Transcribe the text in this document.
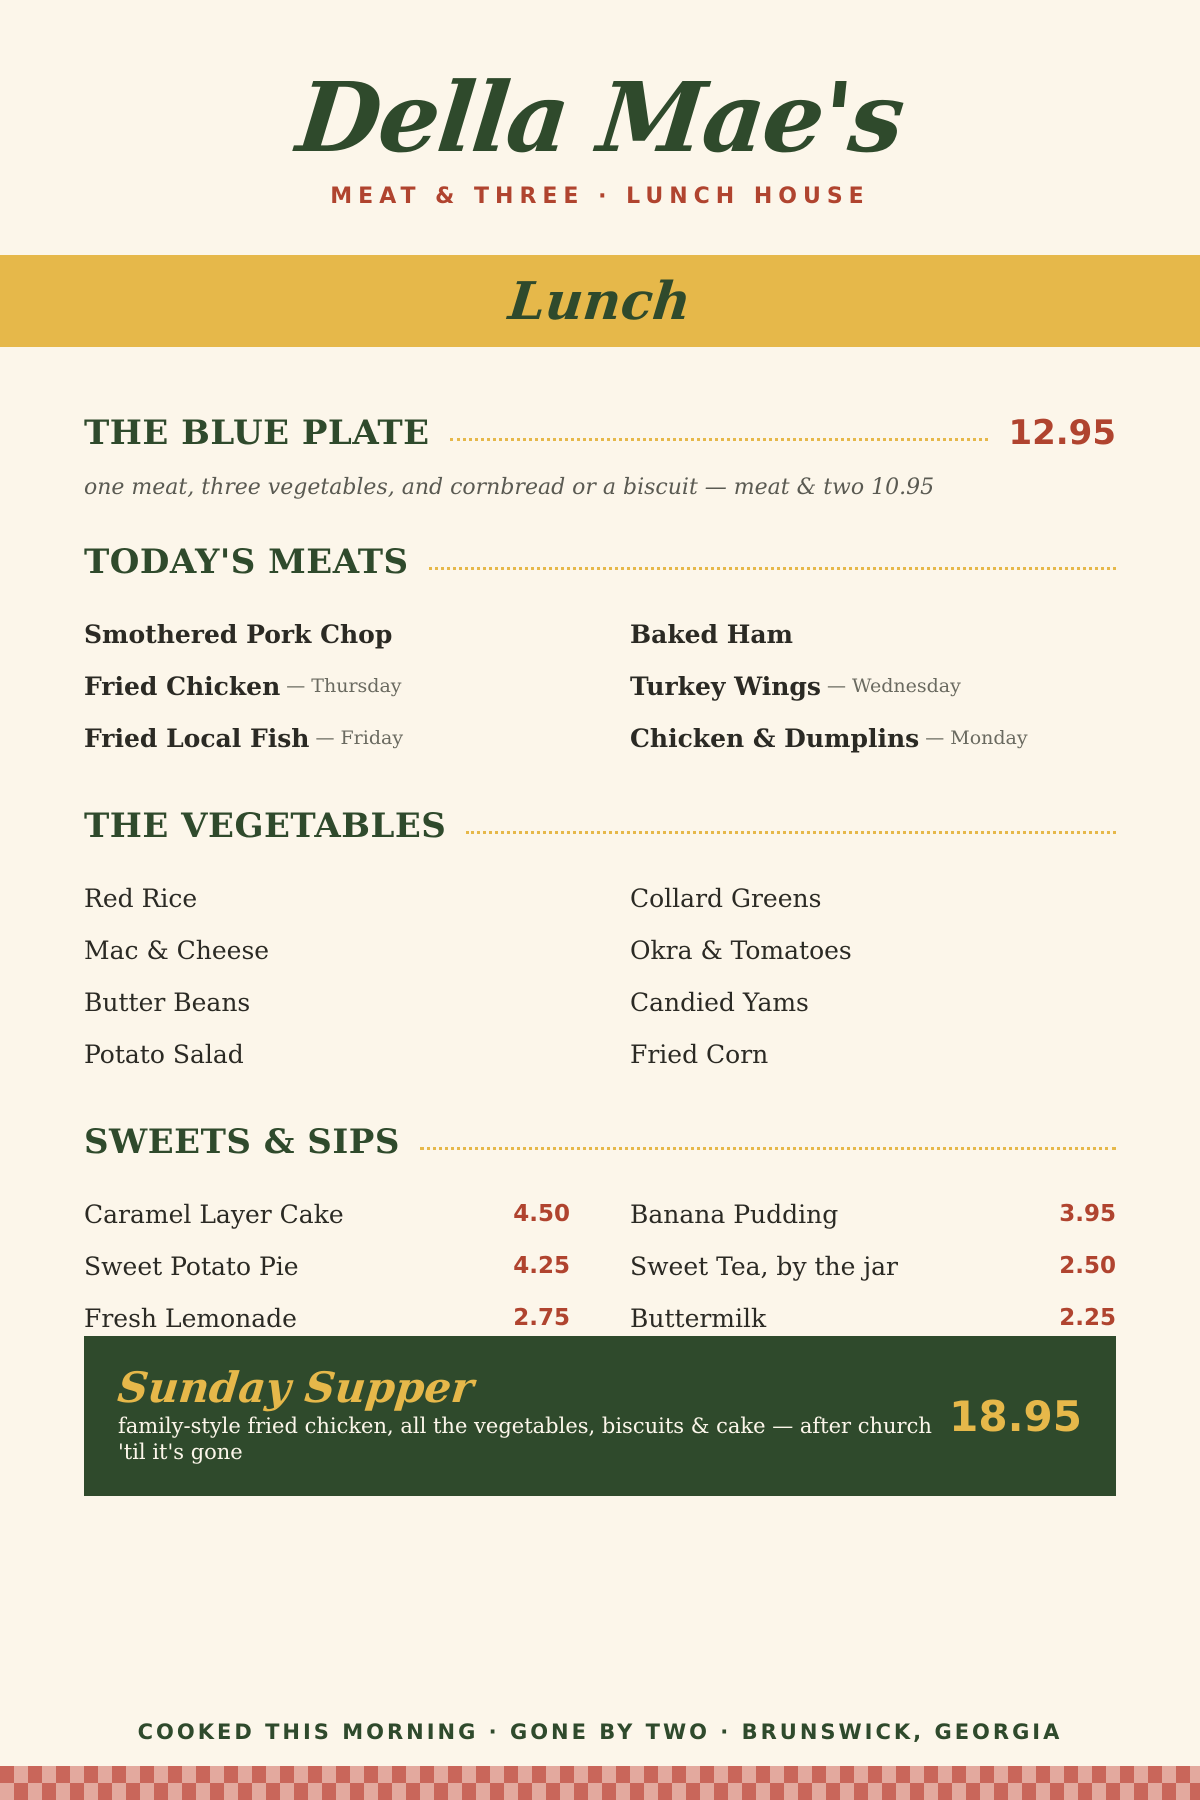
Della Mae's
MEAT & THREE · LUNCH HOUSE
Lunch
THE BLUE PLATE	12.95
one meat, three vegetables, and cornbread or a biscuit — meat & two 10.95
TODAY'S MEATS
Smothered Pork Chop	Baked Ham
Fried Chicken — Thursday	Turkey Wings — Wednesday
Fried Local Fish — Friday	Chicken & Dumplins — Monday
THE VEGETABLES
Red Rice	Collard Greens
Mac & Cheese	Okra & Tomatoes
Butter Beans	Candied Yams
Potato Salad	Fried Corn
SWEETS & SIPS
Caramel Layer Cake	4.50 Banana Pudding	3.95
Sweet Potato Pie	4.25 Sweet Tea, by the jar	2.50
Fresh Lemonade	2.75 Buttermilk	2.25
Sunday Supper
family-style fried chicken, all the vegetables, biscuits & cake — after church 'til it's gone
18.95
COOKED THIS MORNING · GONE BY TWO · BRUNSWICK, GEORGIA
